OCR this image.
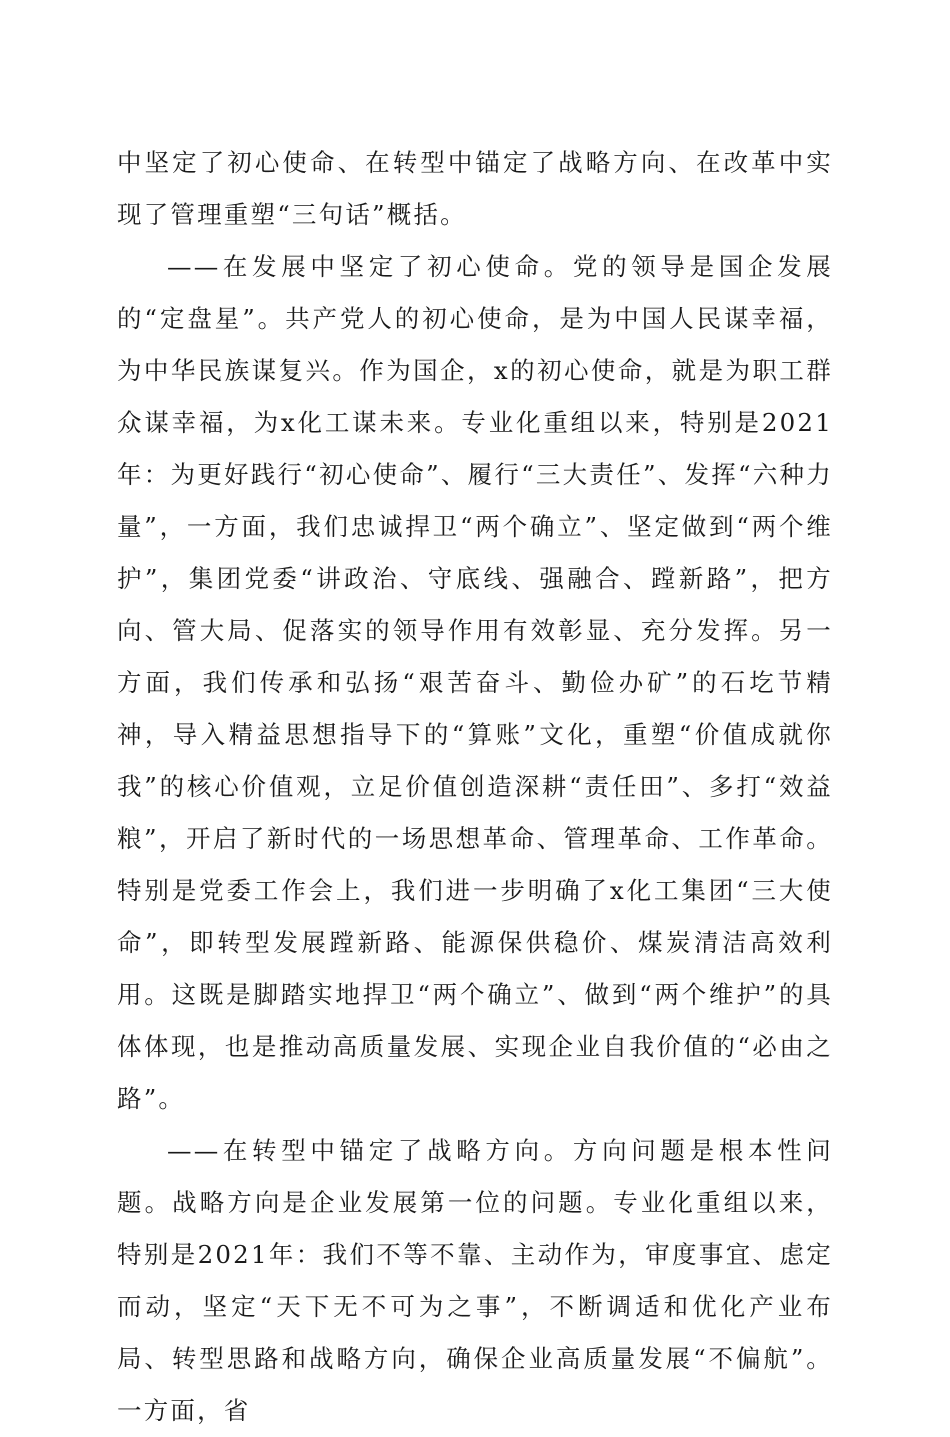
中坚定了初心使命、在转型中锚定了战略方向、在改革中实现了管理重塑“三句话”概括。

——在发展中坚定了初心使命。党的领导是国企发展的“定盘星”。共产党人的初心使命，是为中国人民谋幸福，为中华民族谋复兴。作为国企，x的初心使命，就是为职工群众谋幸福，为x化工谋未来。专业化重组以来，特别是2021年：为更好践行“初心使命”、履行“三大责任”、发挥“六种力量”，一方面，我们忠诚捍卫“两个确立”、坚定做到“两个维护”，集团党委“讲政治、守底线、强融合、蹚新路”，把方向、管大局、促落实的领导作用有效彰显、充分发挥。另一方面，我们传承和弘扬“艰苦奋斗、勤俭办矿”的石圪节精神，导入精益思想指导下的“算账”文化，重塑“价值成就你我”的核心价值观，立足价值创造深耕“责任田”、多打“效益粮”，开启了新时代的一场思想革命、管理革命、工作革命。特别是党委工作会上，我们进一步明确了x化工集团“三大使命”，即转型发展蹚新路、能源保供稳价、煤炭清洁高效利用。这既是脚踏实地捍卫“两个确立”、做到“两个维护”的具体体现，也是推动高质量发展、实现企业自我价值的“必由之路”。

——在转型中锚定了战略方向。方向问题是根本性问题。战略方向是企业发展第一位的问题。专业化重组以来，特别是2021年：我们不等不靠、主动作为，审度事宜、虑定而动，坚定“天下无不可为之事”，不断调适和优化产业布局、转型思路和战略方向，确保企业高质量发展“不偏航”。一方面，省
